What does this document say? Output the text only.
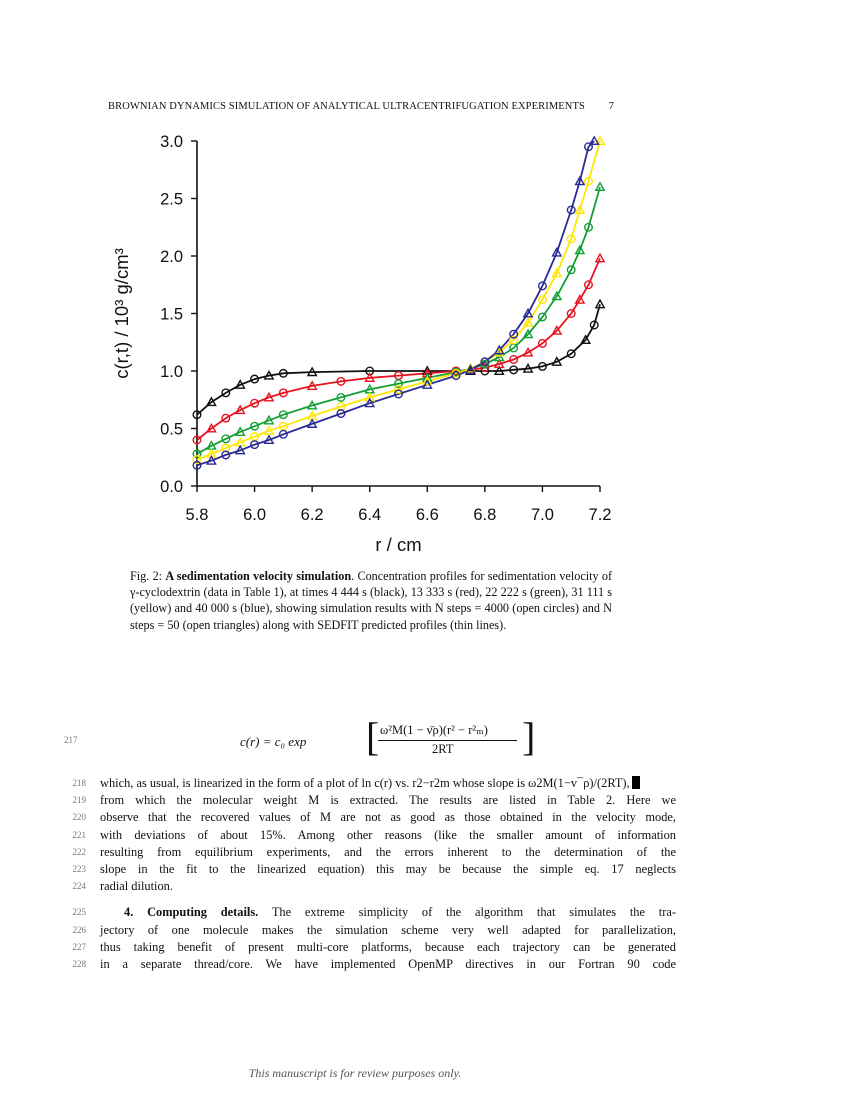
BROWNIAN DYNAMICS SIMULATION OF ANALYTICAL ULTRACENTRIFUGATION EXPERIMENTS 7
5.8 6.0 6.2 6.4 6.6 6.8 7.0 7.2
0.0
0.5
1.0
1.5
2.0
2.5
3.0
r / cm
c(r,t) / 10³ g/cm³
Fig. 2: A sedimentation velocity simulation. Concentration profiles for sedimentation velocity of γ-cyclodextrin (data in Table 1), at times 4 444 s (black), 13 333 s (red), 22 222 s (green), 31 111 s (yellow) and 40 000 s (blue), showing simulation results with N steps = 4000 (open circles) and N steps = 50 (open triangles) along with SEDFIT predicted profiles (thin lines).
217	c(r) = c₀ exp [ ω²M(1 − ν̄ρ)(r² − r²ₘ)
2RT ]
218 which, as usual, is linearized in the form of a plot of ln c(r) vs. r2−r2m whose slope is ω2M(1−v¯ρ)/(2RT),
219 from which the molecular weight M is extracted. The results are listed in Table 2. Here we
220 observe that the recovered values of M are not as good as those obtained in the velocity mode,
221 with deviations of about 15%. Among other reasons (like the smaller amount of information
222 resulting from equilibrium experiments, and the errors inherent to the determination of the
223 slope in the fit to the linearized equation) this may be because the simple eq. 17 neglects
224 radial dilution.
225	4. Computing details. The extreme simplicity of the algorithm that simulates the tra-
226 jectory of one molecule makes the simulation scheme very well adapted for parallelization,
227 thus taking benefit of present multi-core platforms, because each trajectory can be generated
228 in a separate thread/core. We have implemented OpenMP directives in our Fortran 90 code
This manuscript is for review purposes only.
